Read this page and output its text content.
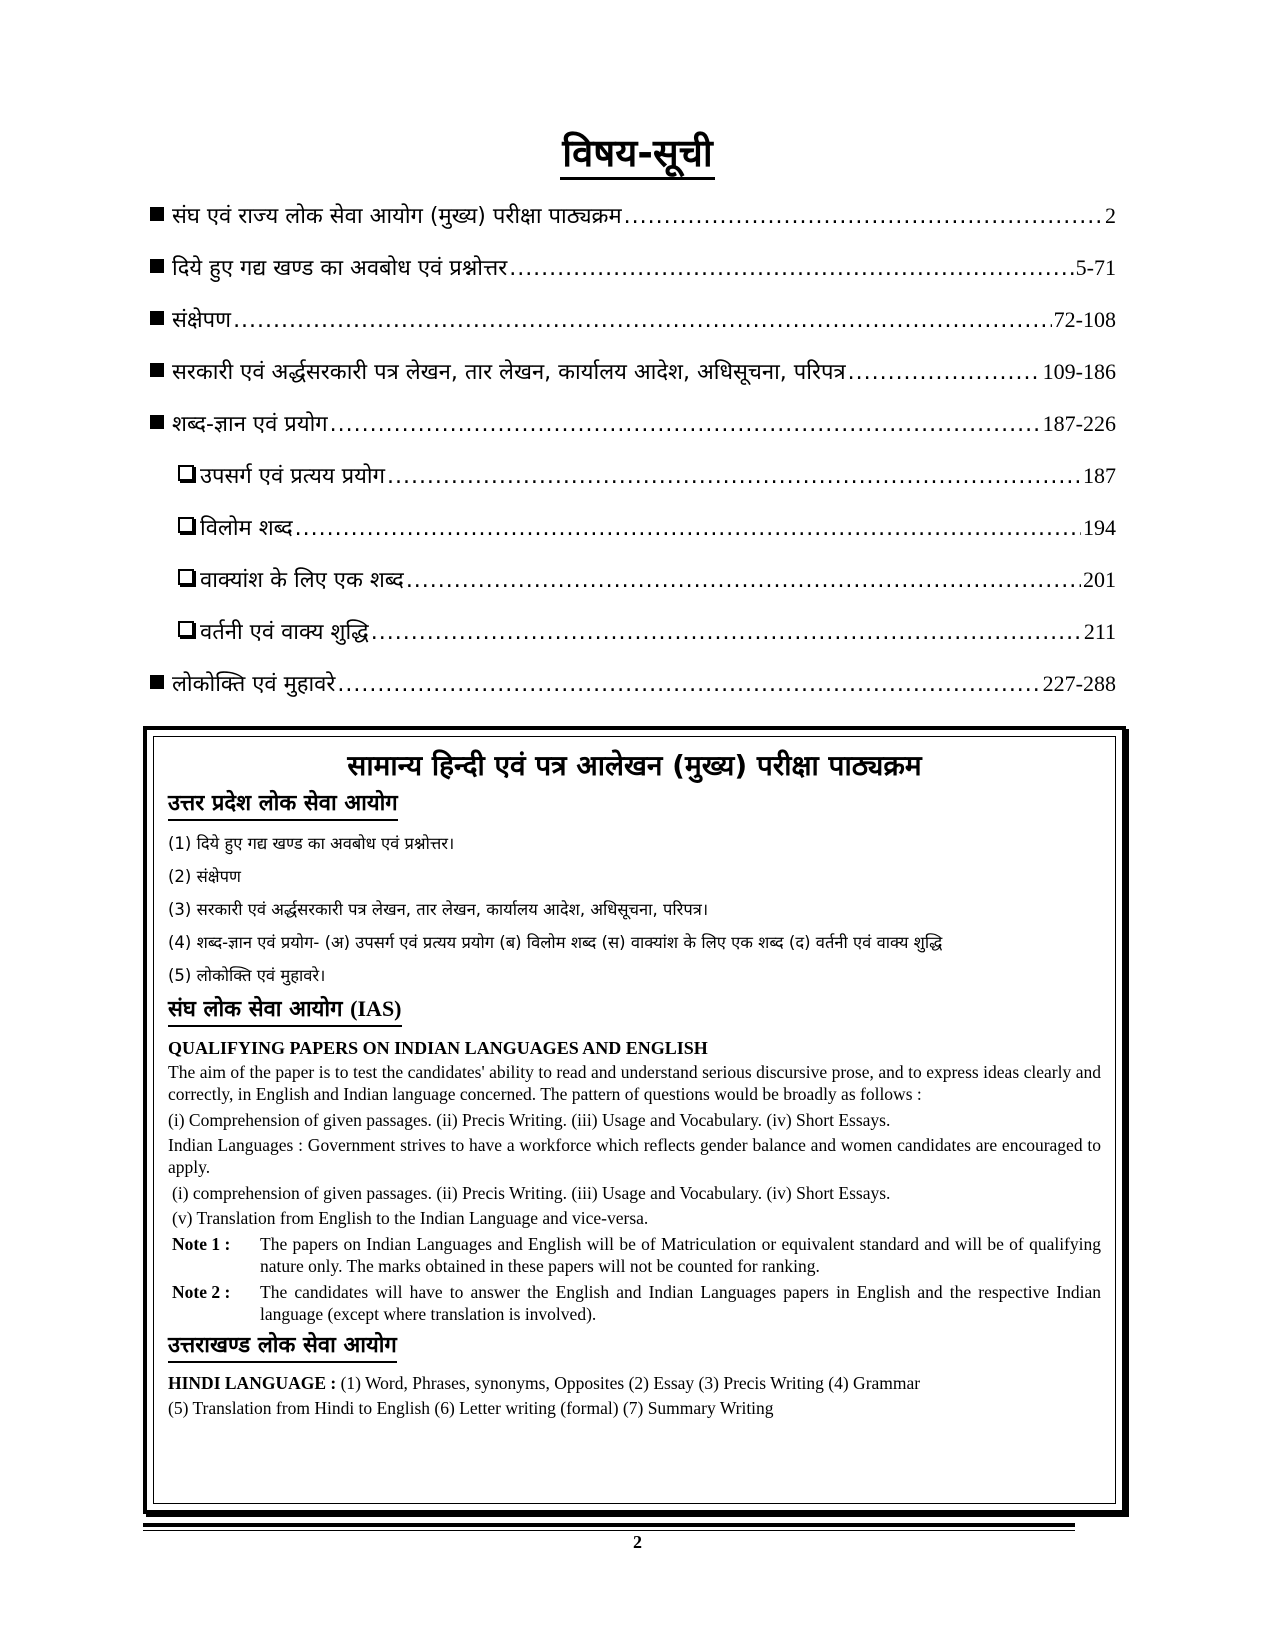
विषय-सूची
संघ एवं राज्य लोक सेवा आयोग (मुख्य) परीक्षा पाठ्यक्रम .....	2
दिये हुए गद्य खण्ड का अवबोध एवं प्रश्नोत्तर .....	5-71
संक्षेपण .....	72-108
सरकारी एवं अर्द्धसरकारी पत्र लेखन, तार लेखन, कार्यालय आदेश, अधिसूचना, परिपत्र .....	109-186
शब्द-ज्ञान एवं प्रयोग .....	187-226
उपसर्ग एवं प्रत्यय प्रयोग .....	187
विलोम शब्द .....	194
वाक्यांश के लिए एक शब्द .....	201
वर्तनी एवं वाक्य शुद्धि .....	211
लोकोक्ति एवं मुहावरे .....	227-288
सामान्य हिन्दी एवं पत्र आलेखन (मुख्य) परीक्षा पाठ्यक्रम
उत्तर प्रदेश लोक सेवा आयोग
(1) दिये हुए गद्य खण्ड का अवबोध एवं प्रश्नोत्तर।
(2) संक्षेपण
(3) सरकारी एवं अर्द्धसरकारी पत्र लेखन, तार लेखन, कार्यालय आदेश, अधिसूचना, परिपत्र।
(4) शब्द-ज्ञान एवं प्रयोग- (अ) उपसर्ग एवं प्रत्यय प्रयोग (ब) विलोम शब्द (स) वाक्यांश के लिए एक शब्द (द) वर्तनी एवं वाक्य शुद्धि
(5) लोकोक्ति एवं मुहावरे।
संघ लोक सेवा आयोग (IAS)
QUALIFYING PAPERS ON INDIAN LANGUAGES AND ENGLISH
The aim of the paper is to test the candidates' ability to read and understand serious discursive prose, and to express ideas clearly and correctly, in English and Indian language concerned. The pattern of questions would be broadly as follows :
(i) Comprehension of given passages. (ii) Precis Writing. (iii) Usage and Vocabulary. (iv) Short Essays.
Indian Languages : Government strives to have a workforce which reflects gender balance and women candidates are encouraged to apply.
(i) comprehension of given passages. (ii) Precis Writing. (iii) Usage and Vocabulary. (iv) Short Essays.
(v) Translation from English to the Indian Language and vice-versa.
Note 1 :	The papers on Indian Languages and English will be of Matriculation or equivalent standard and will be of qualifying nature only. The marks obtained in these papers will not be counted for ranking.
Note 2 :	The candidates will have to answer the English and Indian Languages papers in English and the respective Indian language (except where translation is involved).
उत्तराखण्ड लोक सेवा आयोग
HINDI LANGUAGE : (1) Word, Phrases, synonyms, Opposites (2) Essay (3) Precis Writing (4) Grammar
(5) Translation from Hindi to English (6) Letter writing (formal) (7) Summary Writing
2
